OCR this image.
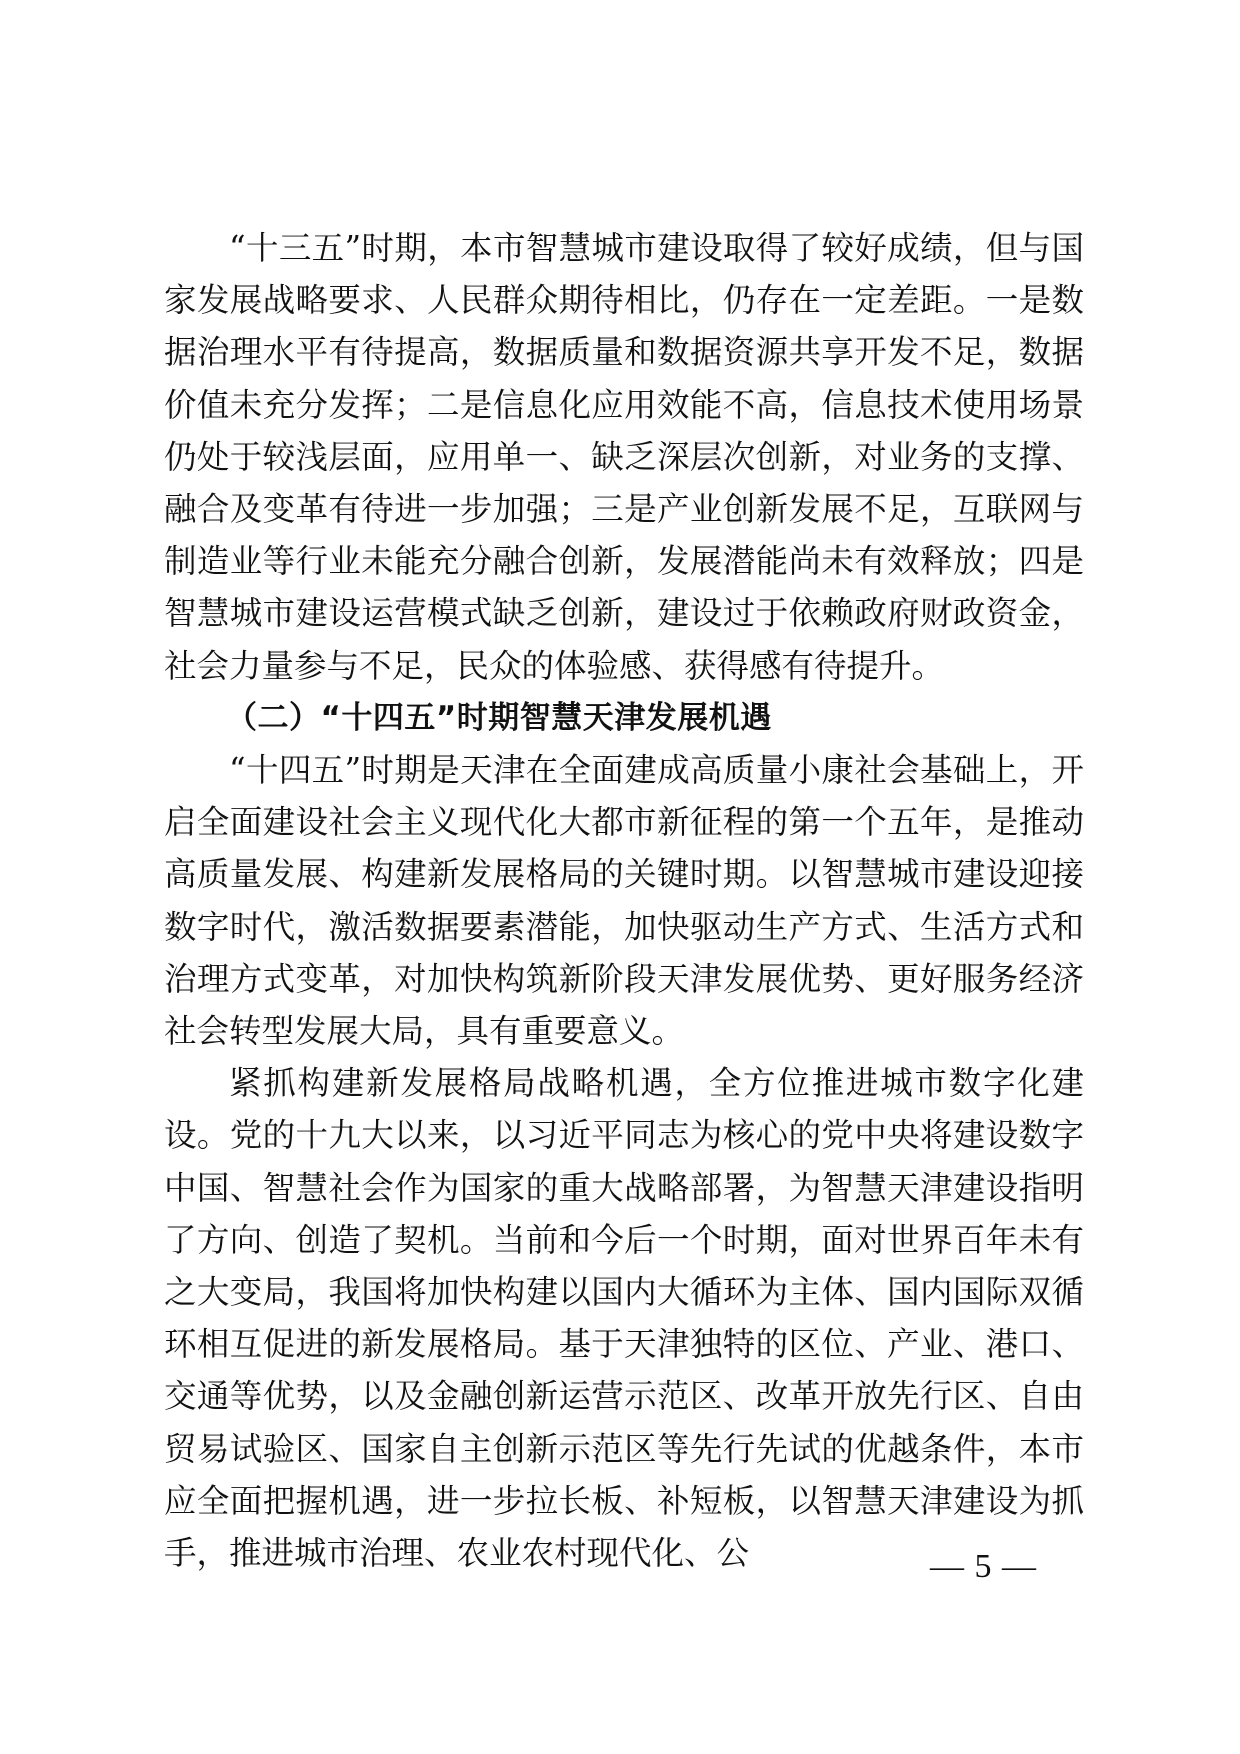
“十三五”时期，本市智慧城市建设取得了较好成绩，但与国家发展战略要求、人民群众期待相比，仍存在一定差距。一是数据治理水平有待提高，数据质量和数据资源共享开发不足，数据价值未充分发挥；二是信息化应用效能不高，信息技术使用场景仍处于较浅层面，应用单一、缺乏深层次创新，对业务的支撑、融合及变革有待进一步加强；三是产业创新发展不足，互联网与制造业等行业未能充分融合创新，发展潜能尚未有效释放；四是智慧城市建设运营模式缺乏创新，建设过于依赖政府财政资金，社会力量参与不足，民众的体验感、获得感有待提升。

（二）“十四五”时期智慧天津发展机遇

“十四五”时期是天津在全面建成高质量小康社会基础上，开启全面建设社会主义现代化大都市新征程的第一个五年，是推动高质量发展、构建新发展格局的关键时期。以智慧城市建设迎接数字时代，激活数据要素潜能，加快驱动生产方式、生活方式和治理方式变革，对加快构筑新阶段天津发展优势、更好服务经济社会转型发展大局，具有重要意义。

紧抓构建新发展格局战略机遇，全方位推进城市数字化建设。党的十九大以来，以习近平同志为核心的党中央将建设数字中国、智慧社会作为国家的重大战略部署，为智慧天津建设指明了方向、创造了契机。当前和今后一个时期，面对世界百年未有之大变局，我国将加快构建以国内大循环为主体、国内国际双循环相互促进的新发展格局。基于天津独特的区位、产业、港口、交通等优势，以及金融创新运营示范区、改革开放先行区、自由贸易试验区、国家自主创新示范区等先行先试的优越条件，本市应全面把握机遇，进一步拉长板、补短板，以智慧天津建设为抓手，推进城市治理、农业农村现代化、公	— 5 —
